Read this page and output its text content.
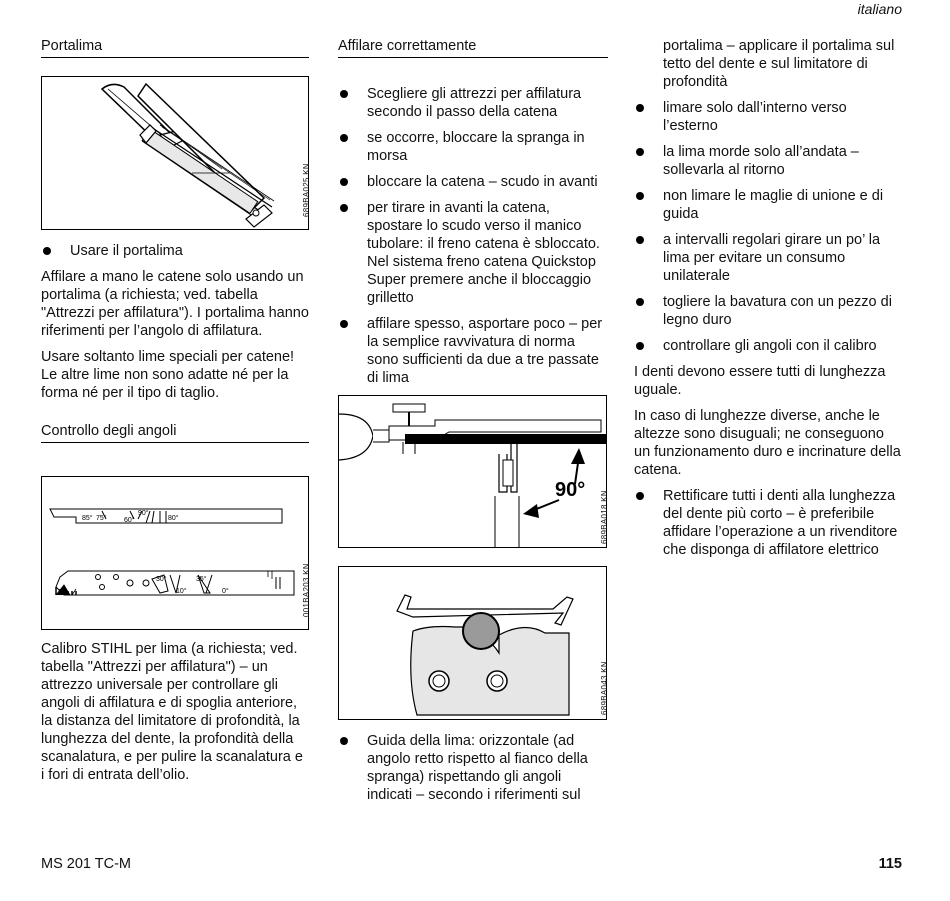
italiano
Portalima
689BA025 KN
Usare il portalima

Affilare a mano le catene solo usando un portalima (a richiesta; ved. tabella "Attrezzi per affilatura"). I portalima hanno riferimenti per l’angolo di affilatura.

Usare soltanto lime speciali per catene! Le altre lime non sono adatte né per la forma né per il tipo di taglio.

Controllo degli angoli
85° 75° 60°
90°
80°
30°
10°
35°
0°	001BA203 KN

Calibro STIHL per lima (a richiesta; ved. tabella "Attrezzi per affilatura") – un attrezzo universale per controllare gli angoli di affilatura e di spoglia anteriore, la distanza del limitatore di profondità, la lunghezza del dente, la profondità della scanalatura, e per pulire la scanalatura e i fori di entrata dell’olio.

Affilare correttamente
Scegliere gli attrezzi per affilatura secondo il passo della catena
se occorre, bloccare la spranga in morsa
bloccare la catena – scudo in avanti
per tirare in avanti la catena, spostare lo scudo verso il manico tubolare: il freno catena è sbloccato. Nel sistema freno catena Quickstop Super premere anche il bloccaggio grilletto
affilare spesso, asportare poco – per la semplice ravvivatura di norma sono sufficienti da due a tre passate di lima
90°	689BA018 KN
689BA043 KN
Guida della lima: orizzontale (ad angolo retto rispetto al fianco della spranga) rispettando gli angoli indicati – secondo i riferimenti sul
portalima – applicare il portalima sul tetto del dente e sul limitatore di profondità
limare solo dall’interno verso l’esterno
la lima morde solo all’andata – sollevarla al ritorno
non limare le maglie di unione e di guida
a intervalli regolari girare un po’ la lima per evitare un consumo unilaterale
togliere la bavatura con un pezzo di legno duro
controllare gli angoli con il calibro

I denti devono essere tutti di lunghezza uguale.

In caso di lunghezze diverse, anche le altezze sono disuguali; ne conseguono un funzionamento duro e incrinature della catena.

Rettificare tutti i denti alla lunghezza del dente più corto – è preferibile affidare l’operazione a un rivenditore che disponga di affilatore elettrico
MS 201 TC-M	115
